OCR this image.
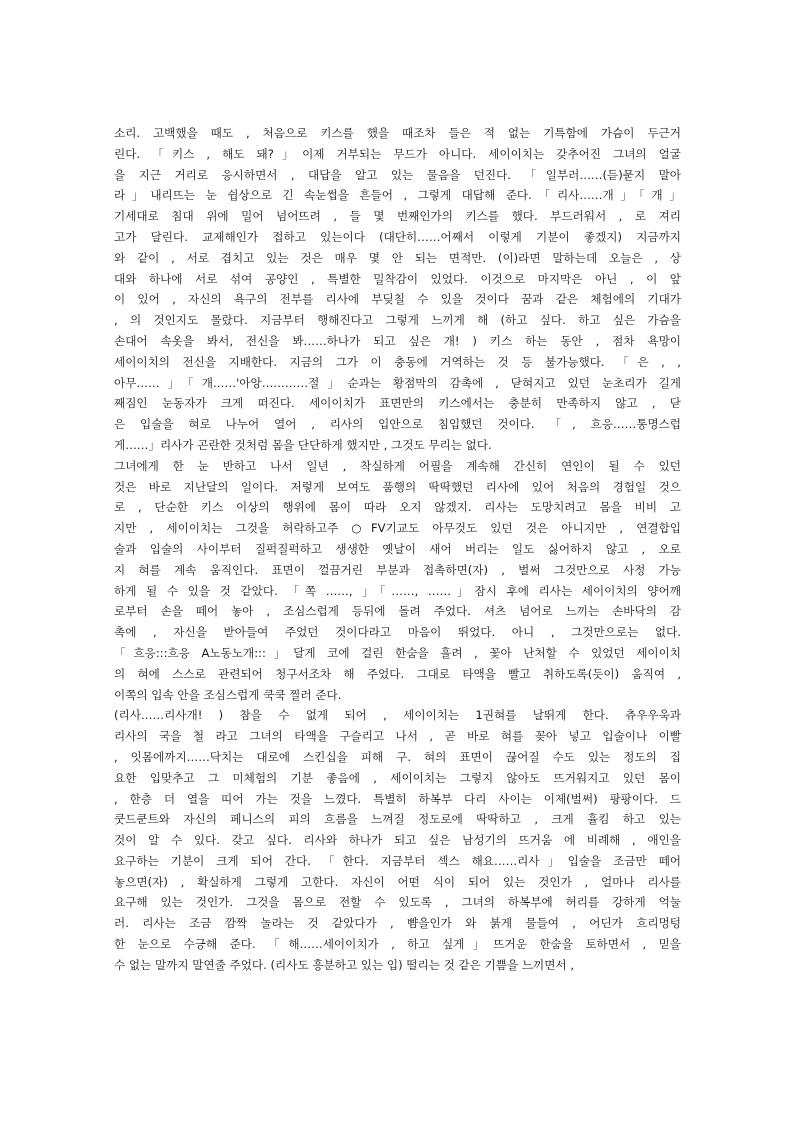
소리. 고백했을 때도 , 처음으로 키스를 했을 때조차 들은 적 없는 기특함에 가슴이 두근거
린다. 「키스 , 해도 돼?」이제 거부되는 무드가 아니다. 세이이치는 갖추어진 그녀의 얼굴
을 지근 거리로 응시하면서 , 대답을 알고 있는 물음을 던진다. 「일부러……(듣)묻지 말아
라」내리뜨는 눈 쉽상으로 긴 속눈썹을 흔들어 , 그렇게 대답해 준다.「리사……개」「개」
기세대로 침대 위에 밀어 넘어뜨려 , 들 몇 번째인가의 키스를 했다. 부드러워서 , 로 져리
고가 달린다. 교제해인가 접하고 있는이다 (대단히……어째서 이렇게 기분이 좋겠지) 지금까지
와 같이 , 서로 겹치고 있는 것은 매우 몇 안 되는 면적만. (이)라면 말하는데 오늘은 , 상
대와 하나에 서로 섞여 공양인 , 특별한 밀착감이 있었다. 이것으로 마지막은 아닌 , 이 앞
이 있어 , 자신의 욕구의 전부를 리사에 부딪칠 수 있을 것이다 꿈과 같은 체험에의 기대가
, 의 것인지도 몰랐다. 지금부터 행해진다고 그렇게 느끼게 해 (하고 싶다. 하고 싶은 가슴을
손대어 속옷을 봐서, 전신을 봐……하나가 되고 싶은 개! ) 키스 하는 동안 , 점차 욕망이
세이이치의 전신을 지배한다. 지금의 그가 이 충동에 거역하는 것 등 불가능했다. 「은 , ,
아무……」「개……'아앙…………절」순과는 황점막의 감촉에 , 닫혀지고 있던 눈초리가 길게
째짐인 눈동자가 크게 떠진다. 세이이치가 표면만의 키스에서는 충분히 만족하지 않고 , 닫
은 입술을 혀로 나누어 열어 , 리사의 입안으로 침입했던 것이다. 「, 흐응……통명스럽
게……」리사가 곤란한 것처럼 몸을 단단하게 했지만 , 그것도 무리는 없다.
그녀에게 한 눈 반하고 나서 일년 , 착실하게 어필을 계속해 간신히 연인이 될 수 있던
것은 바로 지난달의 일이다. 저렇게 보여도 품행의 딱딱했던 리사에 있어 처음의 경험일 것으
로 , 단순한 키스 이상의 행위에 몸이 따라 오지 않겠지. 리사는 도망치려고 몸을 비비 고
지만 , 세이이치는 그것을 허락하고주 ○FV기교도 아무것도 있던 것은 아니지만 , 연결합입
술과 입술의 사이부터 질퍽질퍽하고 생생한 옛날이 새어 버리는 일도 싫어하지 않고 , 오로
지 혀를 계속 움직인다. 표면이 껄끔거린 부분과 접촉하면(자) , 벌써 그것만으로 사정 가능
하게 될 수 있을 것 같았다. 「쪽 ……, 」「……, ……」잠시 후에 리사는 세이이치의 양어깨
로부터 손을 떼어 놓아 , 조심스럽게 등뒤에 돌려 주었다. 셔츠 넘어로 느끼는 손바닥의 감
촉에 , 자신을 받아들여 주었던 것이다라고 마음이 뛰었다. 아니 , 그것만으로는 없다.
「흐응:::흐응 A노동노개:::」달게 코에 걸린 한숨을 흘려 , 꽃아 난처할 수 있었던 세이이치
의 혀에 스스로 관련되어 청구서조차 해 주었다. 그대로 타액을 빨고 취하도록(듯이) 움직여 ,
이쪽의 입속 안을 조심스럽게 쿡쿡 찔러 준다.
(리사……리사개! ) 참을 수 없게 되어 , 세이이치는 1권혀를 날뛰게 한다. 츄우우욱과
리사의 국을 철 라고 그녀의 타액을 구슬리고 나서 , 곧 바로 혀를 꽂아 넣고 입술이나 이빨
, 잇몸에까지……닥치는 대로에 스킨십을 피해 구. 혀의 표면이 끊어질 수도 있는 정도의 집
요한 입맞추고 그 미체험의 기분 좋음에 , 세이이치는 그렇지 않아도 뜨거워지고 있던 몸이
, 한층 더 열을 띠어 가는 것을 느꼈다. 특별히 하복부 다리 사이는 이제(벌써) 팡팡이다. 드
쿳드쿤트와 자신의 페니스의 피의 흐름을 느껴질 정도로에 딱딱하고 , 크게 휼킴 하고 있는
것이 알 수 있다. 갖고 싶다. 리사와 하나가 되고 싶은 남성기의 뜨거움 에 비례해 , 애인을
요구하는 기분이 크게 되어 간다. 「한다. 지금부터 섹스 해요……리사」입술을 조금만 떼어
놓으면(자) , 확실하게 그렇게 고한다. 자신이 어떤 식이 되어 있는 것인가 , 얼마나 리사를
요구해 있는 것인가. 그것을 몸으로 전할 수 있도록 , 그녀의 하복부에 허리를 강하게 억눌
러. 리사는 조금 깜짝 놀라는 것 같았다가 , 뺨을인가 와 붉게 물들여 , 어딘가 흐리멍텅
한 눈으로 수긍해 준다. 「해……세이이치가 , 하고 싶게」뜨거운 한숨을 토하면서 , 믿을
수 없는 말까지 말연줄 주었다. (리사도 흥분하고 있는 입) 떨리는 것 같은 기쁨을 느끼면서 ,
